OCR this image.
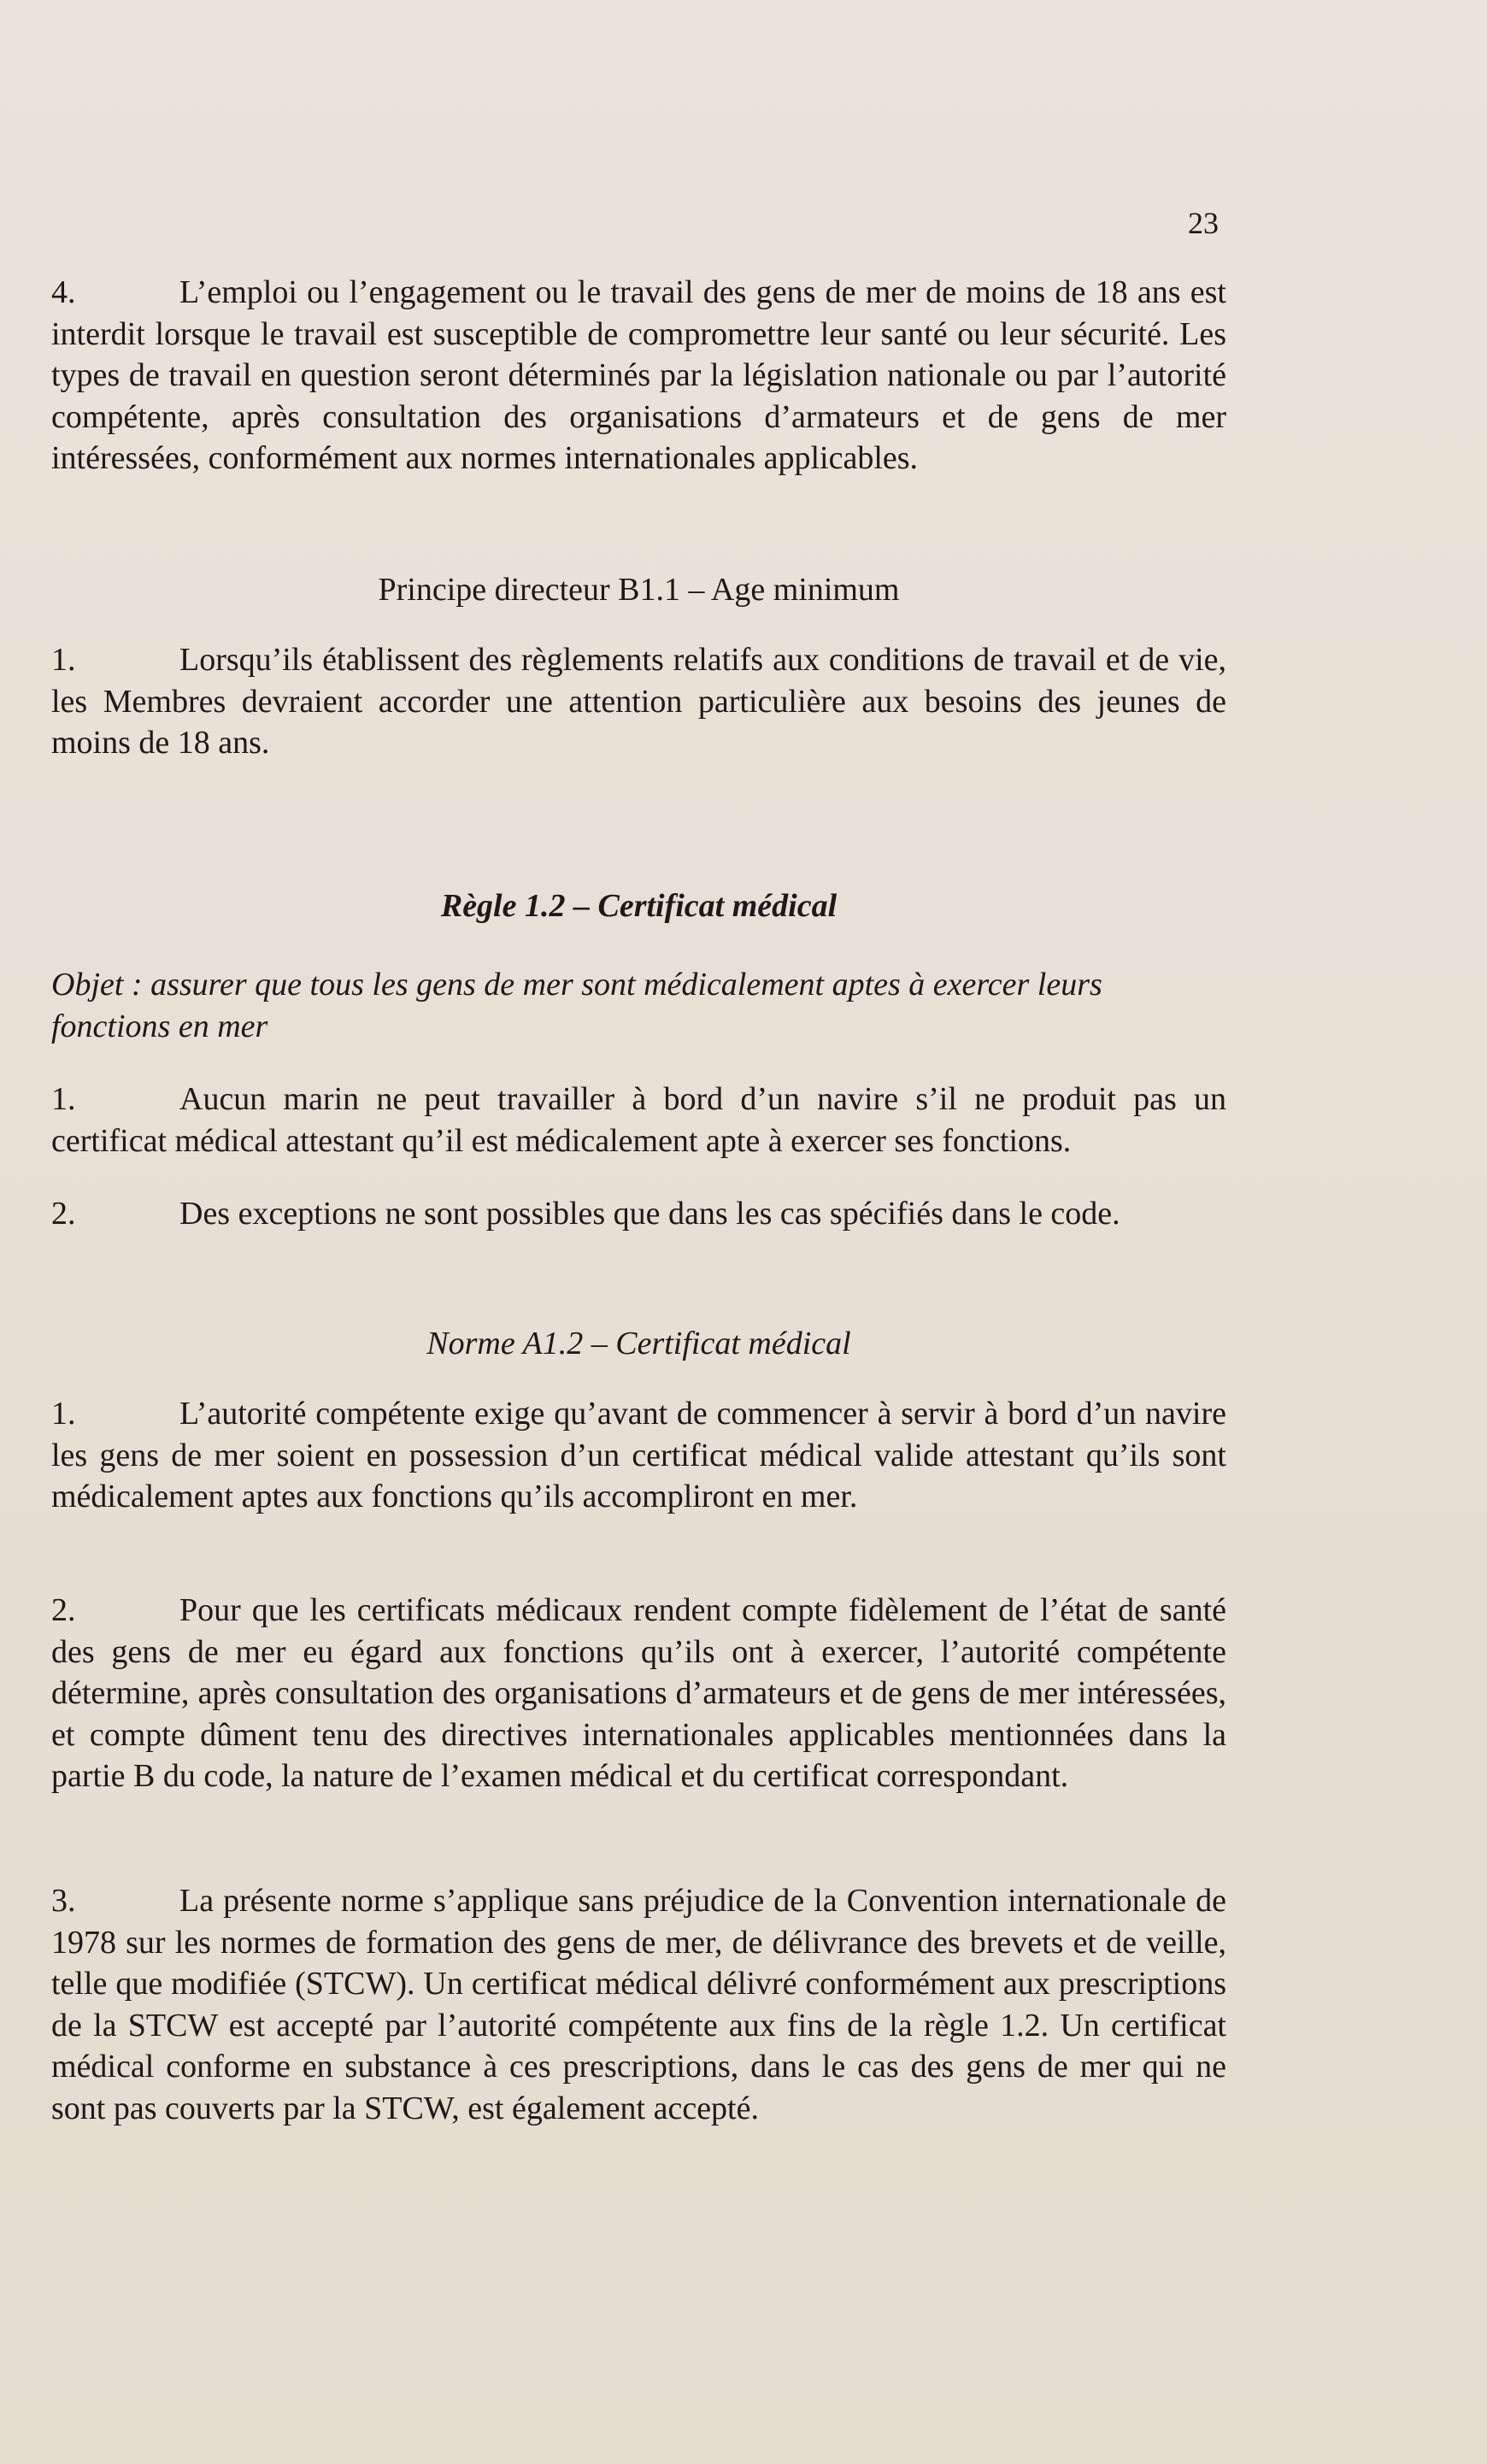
23
4.	L’emploi ou l’engagement ou le travail des gens de mer de moins de 18 ans est interdit lorsque le travail est susceptible de compromettre leur santé ou leur sécurité. Les types de travail en question seront déterminés par la législation nationale ou par l’autorité compétente, après consultation des organisations d’armateurs et de gens de mer intéressées, conformément aux normes internationales applicables.
Principe directeur B1.1 – Age minimum
1.	Lorsqu’ils établissent des règlements relatifs aux conditions de travail et de vie, les Membres devraient accorder une attention particulière aux besoins des jeunes de moins de 18 ans.
Règle 1.2 – Certificat médical
Objet : assurer que tous les gens de mer sont médicalement aptes à exercer leurs fonctions en mer
1.	Aucun marin ne peut travailler à bord d’un navire s’il ne produit pas un certificat médical attestant qu’il est médicalement apte à exercer ses fonctions.
2.	Des exceptions ne sont possibles que dans les cas spécifiés dans le code.
Norme A1.2 – Certificat médical
1.	L’autorité compétente exige qu’avant de commencer à servir à bord d’un navire les gens de mer soient en possession d’un certificat médical valide attestant qu’ils sont médicalement aptes aux fonctions qu’ils accompliront en mer.
2.	Pour que les certificats médicaux rendent compte fidèlement de l’état de santé des gens de mer eu égard aux fonctions qu’ils ont à exercer, l’autorité compétente détermine, après consultation des organisations d’armateurs et de gens de mer intéressées, et compte dûment tenu des directives internationales applicables mentionnées dans la partie B du code, la nature de l’examen médical et du certificat correspondant.
3.	La présente norme s’applique sans préjudice de la Convention internationale de 1978 sur les normes de formation des gens de mer, de délivrance des brevets et de veille, telle que modifiée (STCW). Un certificat médical délivré conformément aux prescriptions de la STCW est accepté par l’autorité compétente aux fins de la règle 1.2. Un certificat médical conforme en substance à ces prescriptions, dans le cas des gens de mer qui ne sont pas couverts par la STCW, est également accepté.
